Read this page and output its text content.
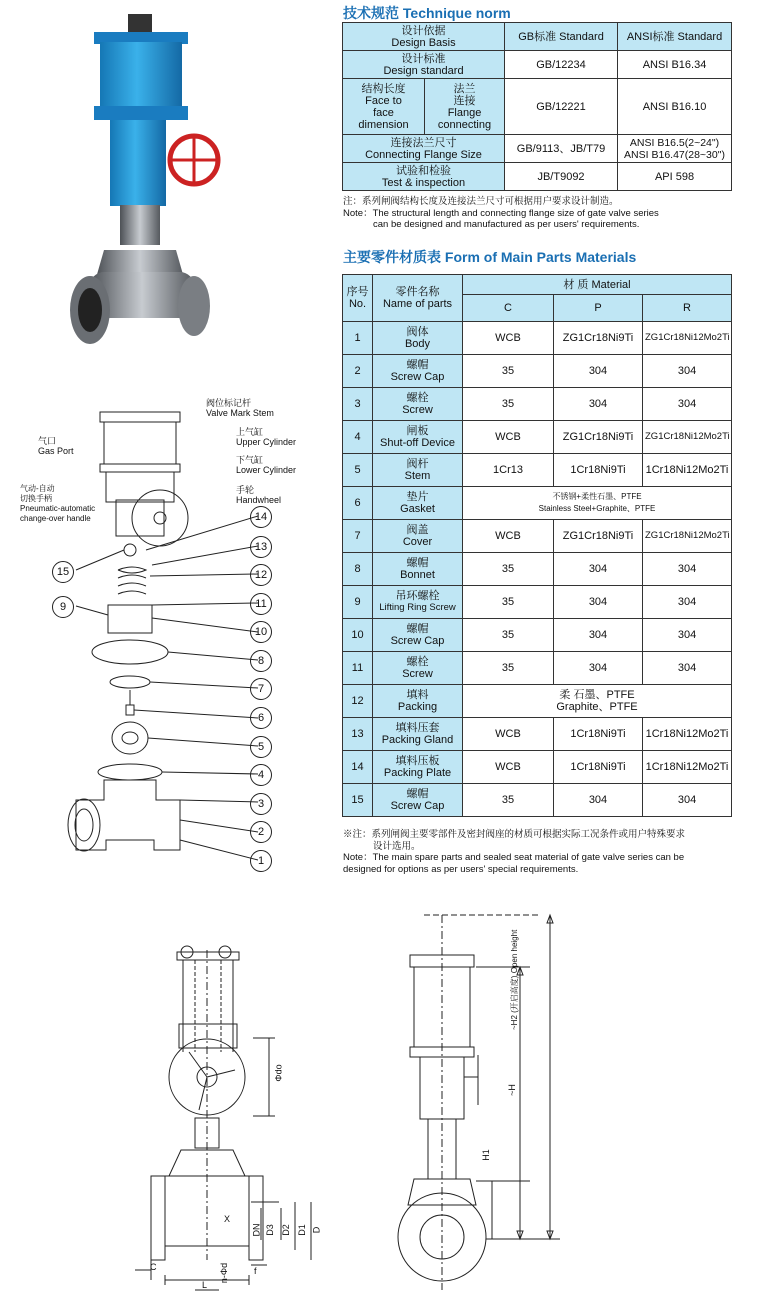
14
13
12
11
10
8
7
6
5
4
3
2
1
15
9
阀位标记杆
Valve Mark Stem
上气缸
Upper Cylinder
下气缸
Lower Cylinder
手轮
Handwheel
气口
Gas Port
气动-自动
切换手柄
Pneumatic-automatic
change-over handle
技术规范 Technique norm
设计依据
Design Basis		GB标准 Standard	ANSI标准 Standard

设计标准
Design standard		GB/12234	ANSI B16.34

结构长度
Face to
face
dimension	法兰
连接
Flange
connecting	GB/12221	ANSI B16.10

连接法兰尺寸
Connecting Flange Size		GB/9113、JB/T79	ANSI B16.5(2~24")
ANSI B16.47(28~30")

试验和检验
Test & inspection		JB/T9092	API 598
注：系列闸阀结构长度及连接法兰尺寸可根据用户要求设计制造。
Note：The structural length and connecting flange size of gate valve series
can be designed and manufactured as per users' requirements.
主要零件材质表 Form of Main Parts Materials
序号
No.	零件名称
Name of parts	材 质 Material		

		C	P	R

1	阀体
Body	WCB	ZG1Cr18Ni9Ti	ZG1Cr18Ni12Mo2Ti
2	螺帽
Screw Cap	35	304	304
3	螺栓
Screw	35	304	304
4	闸板
Shut-off Device	WCB	ZG1Cr18Ni9Ti	ZG1Cr18Ni12Mo2Ti
5	阀杆
Stem	1Cr13	1Cr18Ni9Ti	1Cr18Ni12Mo2Ti
6	垫片
Gasket	不锈钢+柔性石墨、PTFE
Stainless Steel+Graphite、PTFE		

7	阀盖
Cover	WCB	ZG1Cr18Ni9Ti	ZG1Cr18Ni12Mo2Ti
8	螺帽
Bonnet	35	304	304
9	吊环螺栓
Lifting Ring Screw	35	304	304
10	螺帽
Screw Cap	35	304	304
11	螺栓
Screw	35	304	304
12	填料
Packing	柔 石墨、PTFE
Graphite、PTFE		

13	填料压套
Packing Gland	WCB	1Cr18Ni9Ti	1Cr18Ni12Mo2Ti
14	填料压板
Packing Plate	WCB	1Cr18Ni9Ti	1Cr18Ni12Mo2Ti
15	螺帽
Screw Cap	35	304	304
※注：系列闸阀主要零部件及密封阀座的材质可根据实际工况条件或用户特殊要求
设计选用。
Note：The main spare parts and sealed seat material of gate valve series can be
designed for options as per users' special requirements.
Φdo
DN D3 D2 D1 D
X
C
L
n-Φd	f
H1
~H
~H2 (开启高度) Open height
